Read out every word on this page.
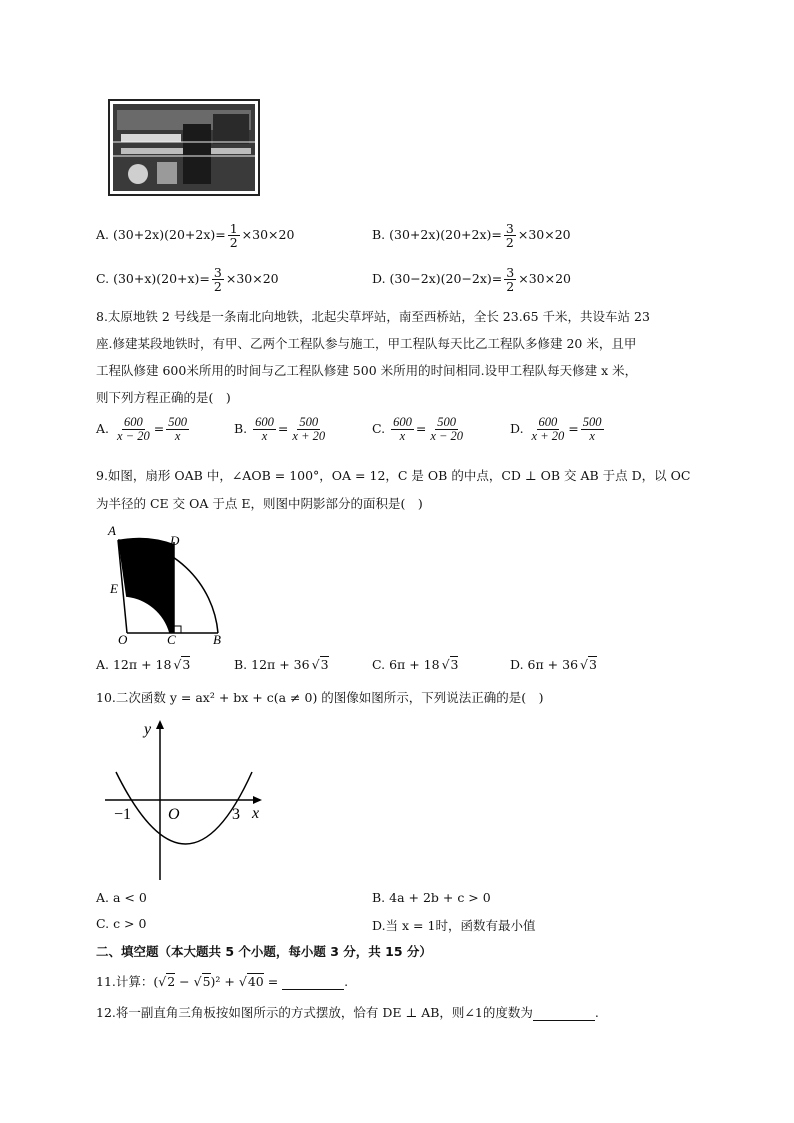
A. $(30+2x)(20+2x)= \frac{1}{2} \times 30\times 20$	B. $(30+2x)(20+2x)= \frac{3}{2} \times 30\times 20$
C. $(30+x)(20+x)= \frac{3}{2} \times 30\times 20$	D. $(30-2x)(20-2x)= \frac{3}{2} \times 30\times 20$
8.太原地铁 2 号线是一条南北向地铁，北起尖草坪站，南至西桥站，全长 23.65 千米，共设车站 23
座.修建某段地铁时，有甲、乙两个工程队参与施工，甲工程队每天比乙工程队多修建 20 米，且甲
工程队修建 600米所用的时间与乙工程队修建 500 米所用的时间相同.设甲工程队每天修建 x 米，
则下列方程正确的是(　)
A. $\frac{600}{x - 20} = \frac{500}{x}$	B. $\frac{600}{x} = \frac{500}{x + 20}$	C. $\frac{600}{x} = \frac{500}{x - 20}$	D. $\frac{600}{x + 20} = \frac{500}{x}$
9.如图，扇形 OAB 中，∠AOB = 100°，OA = 12，C 是 OB 的中点，CD ⊥ OB 交 AB 于点 D，以 OC
为半径的 CE 交 OA 于点 E，则图中阴影部分的面积是(　)
A
D
E
O	C	B
A. 12π + 18 √3	B. 12π + 36 √3	C. 6π + 18 √3	D. 6π + 36 √3
10.二次函数 y = ax² + bx + c(a ≠ 0) 的图像如图所示，下列说法正确的是(　)
y
x
O
−1	3
A. a < 0	B. 4a + 2b + c > 0
C. c > 0	D.当 x = 1时，函数有最小值
二、填空题（本大题共 5 个小题，每小题 3 分，共 15 分）
11.计算：(√2 − √5)² + √40 =	.
12.将一副直角三角板按如图所示的方式摆放，恰有 DE ⊥ AB，则∠1的度数为	.
